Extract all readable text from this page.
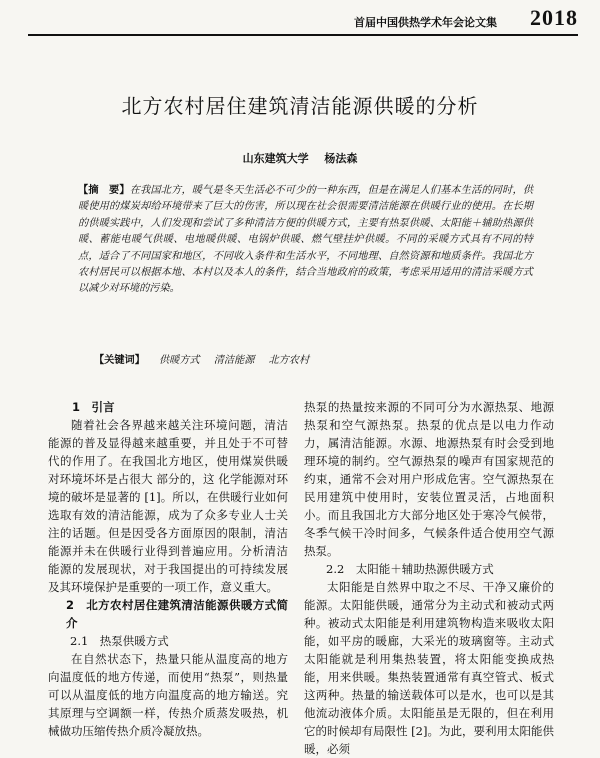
首届中国供热学术年会论文集 2018
北方农村居住建筑清洁能源供暖的分析
山东建筑大学 杨法森
【摘　要】在我国北方，暖气是冬天生活必不可少的一种东西，但是在满足人们基本生活的同时，供暖使用的煤炭却给环境带来了巨大的伤害，所以现在社会很需要清洁能源在供暖行业的使用。在长期的供暖实践中，人们发现和尝试了多种清洁方便的供暖方式，主要有热泵供暖、太阳能＋辅助热源供暖、蓄能电暖气供暖、电地暖供暖、电锅炉供暖、燃气壁挂炉供暖。不同的采暖方式具有不同的特点，适合了不同国家和地区，不同收入条件和生活水平，不同地理、自然资源和地质条件。我国北方农村居民可以根据本地、本村以及本人的条件，结合当地政府的政策，考虑采用适用的清洁采暖方式以减少对环境的污染。
【关键词】 供暖方式 清洁能源 北方农村
1　引言

随着社会各界越来越关注环境问题，清洁能源的普及显得越来越重要，并且处于不可替代的作用了。在我国北方地区，使用煤炭供暖对环境坏坏是占很大 部分的，这 化学能源对环境的破坏是显著的 [1]。所以，在供暖行业如何选取有效的清洁能源，成为了众多专业人士关注的话题。但是因受各方面原因的限制，清洁能源并未在供暖行业得到普遍应用。分析清洁能源的发展现状，对于我国提出的可持续发展及其环境保护是重要的一项工作，意义重大。

2　北方农村居住建筑清洁能源供暖方式简介
2.1　热泵供暖方式

在自然状态下，热量只能从温度高的地方向温度低的地方传递，而使用“热泵”，则热量可以从温度低的地方向温度高的地方输送。究其原理与空调额一样，传热介质蒸发吸热，机械做功压缩传热介质冷凝放热。

热泵的热量按来源的不同可分为水源热泵、地源热泵和空气源热泵。热泵的优点是以电力作动力，属清洁能源。水源、地源热泵有时会受到地理环境的制约。空气源热泵的噪声有国家规范的约束，通常不会对用户形成危害。空气源热泵在民用建筑中使用时，安装位置灵活，占地面积小。而且我国北方大部分地区处于寒冷气候带，冬季气候干冷时间多，气候条件适合使用空气源热泵。

2.2　太阳能＋辅助热源供暖方式

太阳能是自然界中取之不尽、干净又廉价的能源。太阳能供暖，通常分为主动式和被动式两种。被动式太阳能是利用建筑物构造来吸收太阳能，如平房的暖廊，大采光的玻璃窗等。主动式太阳能就是利用集热装置，将太阳能变换成热能，用来供暖。集热装置通常有真空管式、板式这两种。热量的输送载体可以是水，也可以是其他流动液体介质。太阳能虽是无限的，但在利用它的时候却有局限性 [2]。为此，要利用太阳能供暖，必须
